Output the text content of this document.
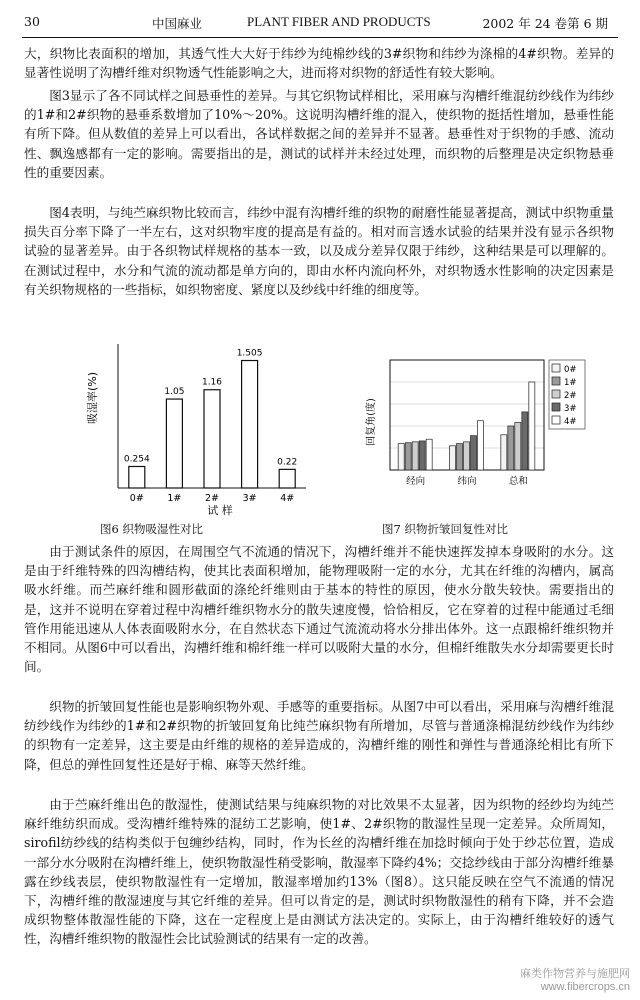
30	中国麻业	PLANT FIBER AND PRODUCTS	2002 年 24 卷第 6 期

大，织物比表面积的增加，其透气性大大好于纬纱为纯棉纱线的3#织物和纬纱为涤棉的4#织物。差异的显著性说明了沟槽纤维对织物透气性能影响之大，进而将对织物的舒适性有较大影响。

图3显示了各不同试样之间悬垂性的差异。与其它织物试样相比，采用麻与沟槽纤维混纺纱线作为纬纱的1#和2#织物的悬垂系数增加了10%～20%。这说明沟槽纤维的混入，使织物的挺括性增加，悬垂性能有所下降。但从数值的差异上可以看出，各试样数据之间的差异并不显著。悬垂性对于织物的手感、流动性、飘逸感都有一定的影响。需要指出的是，测试的试样并未经过处理，而织物的后整理是决定织物悬垂性的重要因素。

图4表明，与纯苎麻织物比较而言，纬纱中混有沟槽纤维的织物的耐磨性能显著提高，测试中织物重量损失百分率下降了一半左右，这对织物牢度的提高是有益的。相对而言透水试验的结果并没有显示各织物试验的显著差异。由于各织物试样规格的基本一致，以及成分差异仅限于纬纱，这种结果是可以理解的。在测试过程中，水分和气流的流动都是单方向的，即由水杯内流向杯外，对织物透水性影响的决定因素是有关织物规格的一些指标，如织物密度、紧度以及纱线中纤维的细度等。

吸湿率(%)
试 样
0.254
0#
1.05
1#
1.16
2#
1.505
3#
0.22
4#
图6 织物吸湿性对比
回复角(度)
经向	纬向	总和
0#
1#
2#
3#
4#
图7 织物折皱回复性对比

由于测试条件的原因，在周围空气不流通的情况下，沟槽纤维并不能快速挥发掉本身吸附的水分。这是由于纤维特殊的四沟槽结构，使其比表面积增加，能物理吸附一定的水分，尤其在纤维的沟槽内，属高吸水纤维。而苎麻纤维和圆形截面的涤纶纤维则由于基本的特性的原因，使水分散失较快。需要指出的是，这并不说明在穿着过程中沟槽纤维织物水分的散失速度慢，恰恰相反，它在穿着的过程中能通过毛细管作用能迅速从人体表面吸附水分，在自然状态下通过气流流动将水分排出体外。这一点跟棉纤维织物并不相同。从图6中可以看出，沟槽纤维和棉纤维一样可以吸附大量的水分，但棉纤维散失水分却需要更长时间。

织物的折皱回复性能也是影响织物外观、手感等的重要指标。从图7中可以看出，采用麻与沟槽纤维混纺纱线作为纬纱的1#和2#织物的折皱回复角比纯苎麻织物有所增加，尽管与普通涤棉混纺纱线作为纬纱的织物有一定差异，这主要是由纤维的规格的差异造成的，沟槽纤维的刚性和弹性与普通涤纶相比有所下降，但总的弹性回复性还是好于棉、麻等天然纤维。

由于苎麻纤维出色的散湿性，使测试结果与纯麻织物的对比效果不太显著，因为织物的经纱均为纯苎麻纤维纺织而成。受沟槽纤维特殊的混纺工艺影响，使1#、2#织物的散湿性呈现一定差异。众所周知，sirofil纺纱线的结构类似于包缠纱结构，同时，作为长丝的沟槽纤维在加捻时倾向于处于纱芯位置，造成一部分水分吸附在沟槽纤维上，使织物散湿性稍受影响，散湿率下降约4%；交捻纱线由于部分沟槽纤维暴露在纱线表层，使织物散湿性有一定增加，散湿率增加约13%（图8）。这只能反映在空气不流通的情况下，沟槽纤维的散湿速度与其它纤维的差异。但可以肯定的是，测试时织物散湿性的稍有下降，并不会造成织物整体散湿性能的下降，这在一定程度上是由测试方法决定的。实际上，由于沟槽纤维较好的透气性，沟槽纤维织物的散湿性会比试验测试的结果有一定的改善。

麻类作物营养与施肥网
www.fibercrops.cn
